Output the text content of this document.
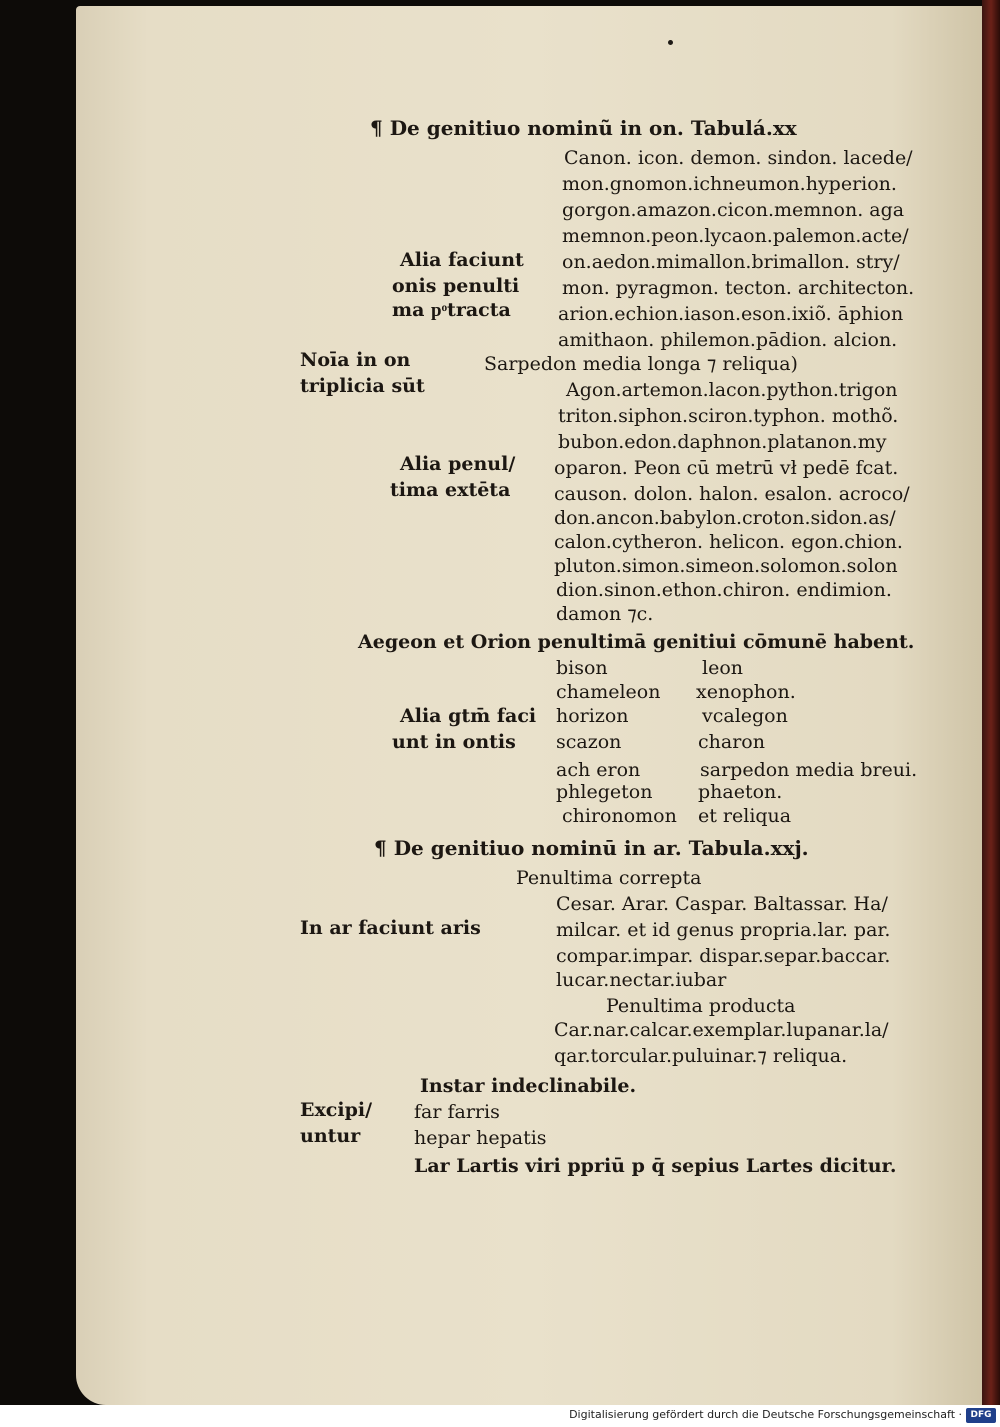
¶ De genitiuo nominũ in on. Tabulá.xx
Canon. icon. demon. sindon. lacede/
mon.gnomon.ichneumon.hyperion.
gorgon.amazon.cicon.memnon. aga
memnon.peon.lycaon.palemon.acte/
on.aedon.mimallon.brimallon. stry/
mon. pyragmon. tecton. architecton.
arion.echion.iason.eson.ixiõ. āphion
amithaon. philemon.pādion. alcion.
Sarpedon media longa ⁊ reliqua)
Alia faciunt
onis penulti
ma pͦtracta
Noīa in on
triplicia sūt	Agon.artemon.lacon.python.trigon
triton.siphon.sciron.typhon. mothõ.
bubon.edon.daphnon.platanon.my
oparon. Peon cū metrū vł pedē fcat.
causon. dolon. halon. esalon. acroco/
don.ancon.babylon.croton.sidon.as/
calon.cytheron. helicon. egon.chion.
pluton.simon.simeon.solomon.solon
dion.sinon.ethon.chiron. endimion.
damon ⁊c.
Alia penul/
tima extēta
Aegeon et Orion penultimā genitiui cōmunē habent.
Alia gtm̄ faci
unt in ontis
bison
chameleon
horizon
scazon
ach eron
phlegeton
chironomon
leon
xenophon.
vcalegon
charon
sarpedon media breui.
phaeton.
et reliqua
¶ De genitiuo nominū in ar. Tabula.xxj.
Penultima correpta
In ar faciunt aris
Cesar. Arar. Caspar. Baltassar. Ha/
milcar. et id genus propria.lar. par.
compar.impar. dispar.separ.baccar.
lucar.nectar.iubar
Penultima producta
Car.nar.calcar.exemplar.lupanar.la/
qar.torcular.puluinar.⁊ reliqua.
Instar indeclinabile.
far farris
hepar hepatis
Lar Lartis viri ppriū p q̄ sepius Lartes dicitur.
Excipi/
untur
Digitalisierung gefördert durch die Deutsche Forschungsgemeinschaft · DFG
